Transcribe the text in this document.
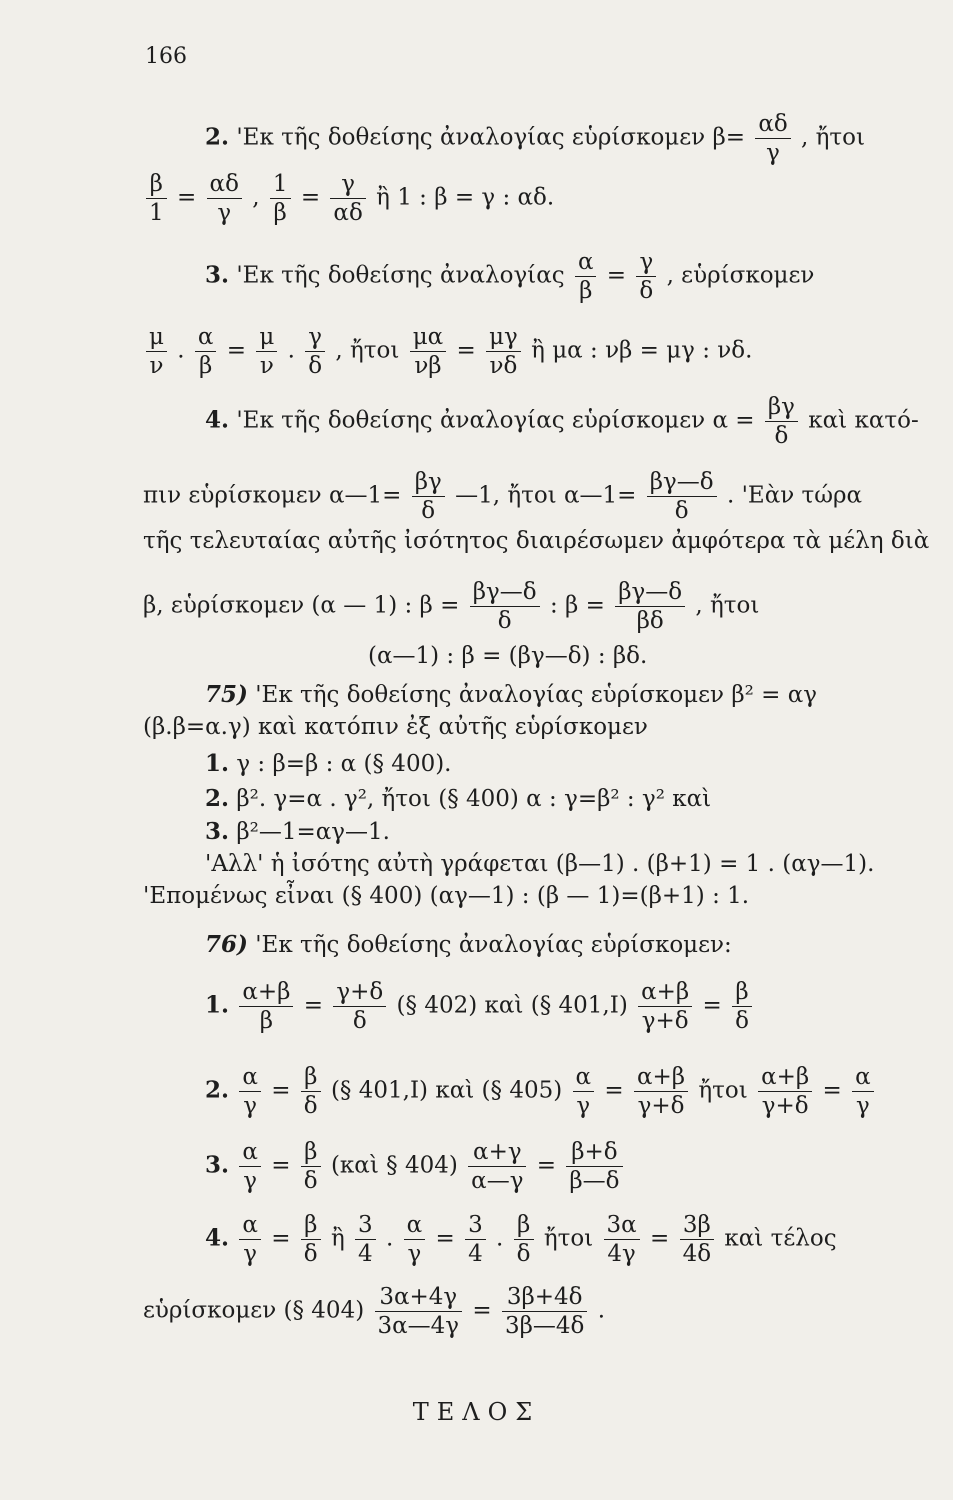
166
2. 'Εκ τῆς δοθείσης ἀναλογίας εὑρίσκομεν $\beta= \frac{\alpha\delta}{\gamma}$ , ἤτοι
$\frac{\beta}{1} = \frac{\alpha\delta}{\gamma}$ , $\frac{1}{\beta} = \frac{\gamma}{\alpha\delta}$ ἢ 1 : β = γ : αδ.
3. 'Εκ τῆς δοθείσης ἀναλογίας $\frac{\alpha}{\beta} = \frac{\gamma}{\delta}$ , εὑρίσκομεν
$\frac{\mu}{\nu}$ . $\frac{\alpha}{\beta} = \frac{\mu}{\nu}$ . $\frac{\gamma}{\delta}$ , ἤτοι $\frac{\mu\alpha}{\nu\beta} = \frac{\mu\gamma}{\nu\delta}$ ἢ μα : νβ = μγ : νδ.
4. 'Εκ τῆς δοθείσης ἀναλογίας εὑρίσκομεν $\alpha = \frac{\beta\gamma}{\delta}$ καὶ κατό-
πιν εὑρίσκομεν α—1= $\frac{\beta\gamma}{\delta}$ —1, ἤτοι α—1= $\frac{\beta\gamma—\delta}{\delta}$ . 'Εὰν τώρα
τῆς τελευταίας αὐτῆς ἰσότητος διαιρέσωμεν ἀμφότερα τὰ μέλη διὰ
β, εὑρίσκομεν (α — 1) : $\beta = \frac{\beta\gamma—\delta}{\delta}$ : $\beta = \frac{\beta\gamma—\delta}{\beta\delta}$ , ἤτοι
(α—1) : β = (βγ—δ) : βδ.
75) 'Εκ τῆς δοθείσης ἀναλογίας εὑρίσκομεν β² = αγ
(β.β=α.γ) καὶ κατόπιν ἐξ αὐτῆς εὑρίσκομεν
1. γ : β=β : α (§ 400).
2. β². γ=α . γ², ἤτοι (§ 400) α : γ=β² : γ² καὶ
3. β²—1=αγ—1.
'Αλλ' ἡ ἰσότης αὐτὴ γράφεται (β—1) . (β+1) = 1 . (αγ—1).
'Επομένως εἶναι (§ 400) (αγ—1) : (β — 1)=(β+1) : 1.
76) 'Εκ τῆς δοθείσης ἀναλογίας εὑρίσκομεν:
1. $\frac{\alpha+\beta}{\beta} = \frac{\gamma+\delta}{\delta}$ (§ 402) καὶ (§ $401,I) \frac{\alpha+\beta}{\gamma+\delta} = \frac{\beta}{\delta}$
2. $\frac{\alpha}{\gamma} = \frac{\beta}{\delta}$ (§ 401,I) καὶ (§ $405) \frac{\alpha}{\gamma} = \frac{\alpha+\beta}{\gamma+\delta}$ ἤτοι $\frac{\alpha+\beta}{\gamma+\delta} = \frac{\alpha}{\gamma}$
3. $\frac{\alpha}{\gamma} = \frac{\beta}{\delta}$ (καὶ § $404) \frac{\alpha+\gamma}{\alpha—\gamma} = \frac{\beta+\delta}{\beta—\delta}$
4. $\frac{\alpha}{\gamma} = \frac{\beta}{\delta}$ ἢ $\frac{3}{4}$ . $\frac{\alpha}{\gamma} = \frac{3}{4}$ . $\frac{\beta}{\delta}$ ἤτοι $\frac{3\alpha}{4\gamma} = \frac{3\beta}{4\delta}$ καὶ τέλος
εὑρίσκομεν (§ $404) \frac{3\alpha+4\gamma}{3\alpha—4\gamma} = \frac{3\beta+4\delta}{3\beta—4\delta}$ .
ΤΕΛΟΣ
